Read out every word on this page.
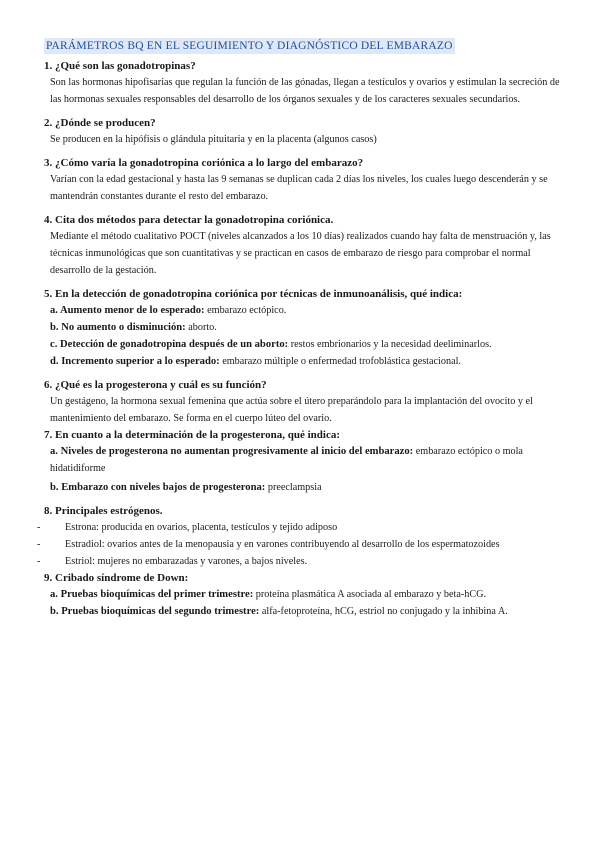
PARÁMETROS BQ EN EL SEGUIMIENTO Y DIAGNÓSTICO DEL EMBARAZO
1. ¿Qué son las gonadotropinas?
Son las hormonas hipofisarias que regulan la función de las gónadas, llegan a testículos y ovarios y estimulan la secreción de las hormonas sexuales responsables del desarrollo de los órganos sexuales y de los caracteres sexuales secundarios.
2. ¿Dónde se producen?
Se producen en la hipófisis o glándula pituitaria y en la placenta (algunos casos)
3. ¿Cómo varía la gonadotropina coriónica a lo largo del embarazo?
Varían con la edad gestacional y hasta las 9 semanas se duplican cada 2 días los niveles, los cuales luego descenderán y se mantendrán constantes durante el resto del embarazo.
4. Cita dos métodos para detectar la gonadotropina coriónica.
Mediante el método cualitativo POCT (niveles alcanzados a los 10 días) realizados cuando hay falta de menstruación y, las técnicas inmunológicas que son cuantitativas y se practican en casos de embarazo de riesgo para comprobar el normal desarrollo de la gestación.
5. En la detección de gonadotropina coriónica por técnicas de inmunoanálisis, qué indica:
a. Aumento menor de lo esperado: embarazo ectópico.
b. No aumento o disminución: aborto.
c. Detección de gonadotropina después de un aborto: restos embrionarios y la necesidad deeliminarlos.
d. Incremento superior a lo esperado: embarazo múltiple o enfermedad trofoblástica gestacional.
6. ¿Qué es la progesterona y cuál es su función?
Un gestágeno, la hormona sexual femenina que actúa sobre el útero preparándolo para la implantación del ovocito y el mantenimiento del embarazo. Se forma en el cuerpo lúteo del ovario.
7. En cuanto a la determinación de la progesterona, qué indica:
a. Niveles de progesterona no aumentan progresivamente al inicio del embarazo: embarazo ectópico o mola hidatidiforme
b. Embarazo con niveles bajos de progesterona: preeclampsia
8. Principales estrógenos.
- Estrona: producida en ovarios, placenta, testículos y tejido adiposo
- Estradiol: ovarios antes de la menopausia y en varones contribuyendo al desarrollo de los espermatozoides
- Estriol: mujeres no embarazadas y varones, a bajos niveles.
9. Cribado síndrome de Down:
a. Pruebas bioquímicas del primer trimestre: proteína plasmática A asociada al embarazo y beta-hCG.
b. Pruebas bioquímicas del segundo trimestre: alfa-fetoproteína, hCG, estriol no conjugado y la inhibina A.
